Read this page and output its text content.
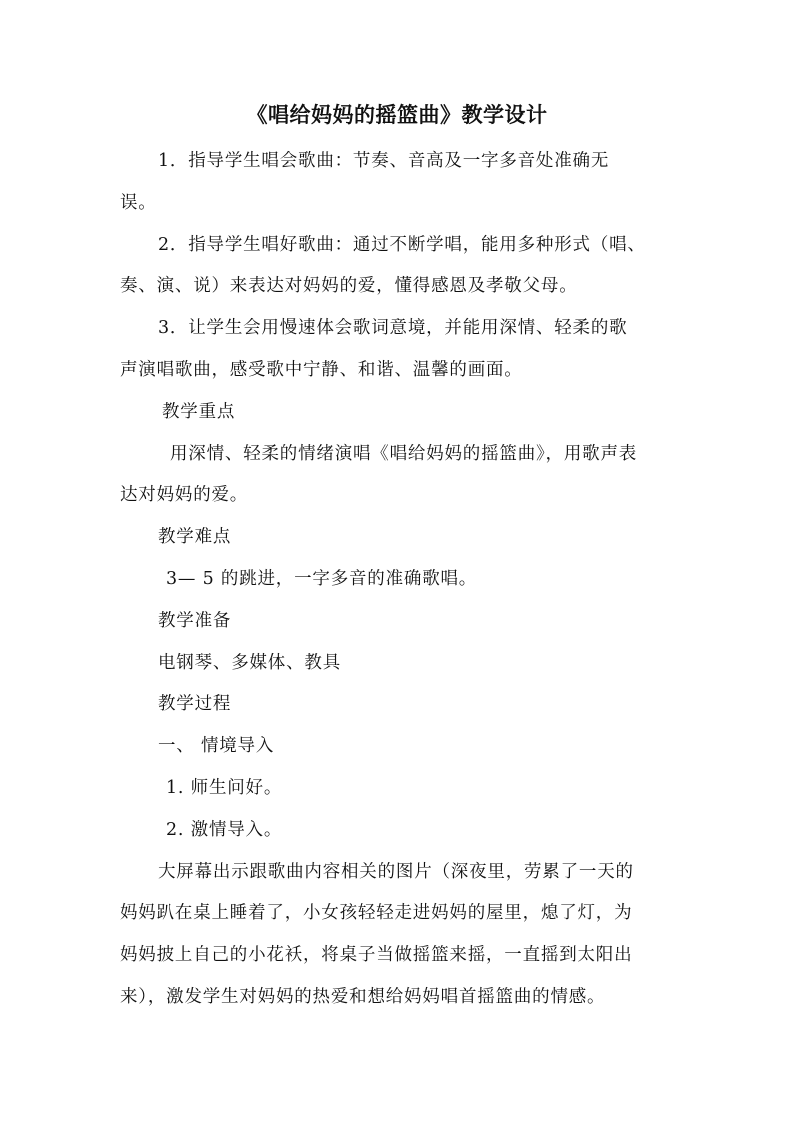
《唱给妈妈的摇篮曲》教学设计
1．指导学生唱会歌曲：节奏、音高及一字多音处准确无
误。
2．指导学生唱好歌曲：通过不断学唱，能用多种形式（唱、
奏、演、说）来表达对妈妈的爱，懂得感恩及孝敬父母。
3．让学生会用慢速体会歌词意境，并能用深情、轻柔的歌
声演唱歌曲，感受歌中宁静、和谐、温馨的画面。
教学重点
用深情、轻柔的情绪演唱《唱给妈妈的摇篮曲》，用歌声表
达对妈妈的爱。
教学难点
3— 5 的跳进，一字多音的准确歌唱。
教学准备
电钢琴、多媒体、教具
教学过程
一、 情境导入
1. 师生问好。
2. 激情导入。
大屏幕出示跟歌曲内容相关的图片（深夜里，劳累了一天的
妈妈趴在桌上睡着了，小女孩轻轻走进妈妈的屋里，熄了灯，为
妈妈披上自己的小花袄，将桌子当做摇篮来摇，一直摇到太阳出
来），激发学生对妈妈的热爱和想给妈妈唱首摇篮曲的情感。
